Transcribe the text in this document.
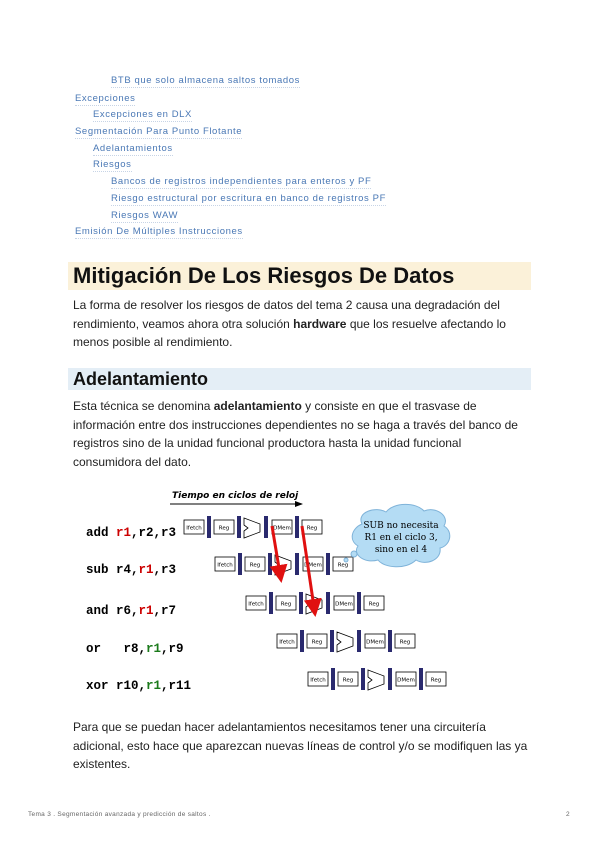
BTB que solo almacena saltos tomados
Excepciones
Excepciones en DLX
Segmentación Para Punto Flotante
Adelantamientos
Riesgos
Bancos de registros independientes para enteros y PF
Riesgo estructural por escritura en banco de registros PF
Riesgos WAW
Emisión De Múltiples Instrucciones
Mitigación De Los Riesgos De Datos
La forma de resolver los riesgos de datos del tema 2 causa una degradación del rendimiento, veamos ahora otra solución hardware que los resuelve afectando lo menos posible al rendimiento.
Adelantamiento
Esta técnica se denomina adelantamiento y consiste en que el trasvase de información entre dos instrucciones dependientes no se haga a través del banco de registros sino de la unidad funcional productora hasta la unidad funcional consumidora del dato.
Tiempo en ciclos de reloj
add r1,r2,r3
sub r4,r1,r3
and r6,r1,r7
or   r8,r1,r9
xor r10,r1,r11
Ifetch	Reg	DMem	Reg
Ifetch	Reg	DMem	Reg
Ifetch	Reg	DMem	Reg
Ifetch	Reg	DMem	Reg
Ifetch	Reg	DMem	Reg
SUB no necesita
R1 en el ciclo 3,
sino en el 4
Para que se puedan hacer adelantamientos necesitamos tener una circuitería adicional, esto hace que aparezcan nuevas líneas de control y/o se modifiquen las ya existentes.
Tema 3 . Segmentación avanzada y predicción de saltos .	2
